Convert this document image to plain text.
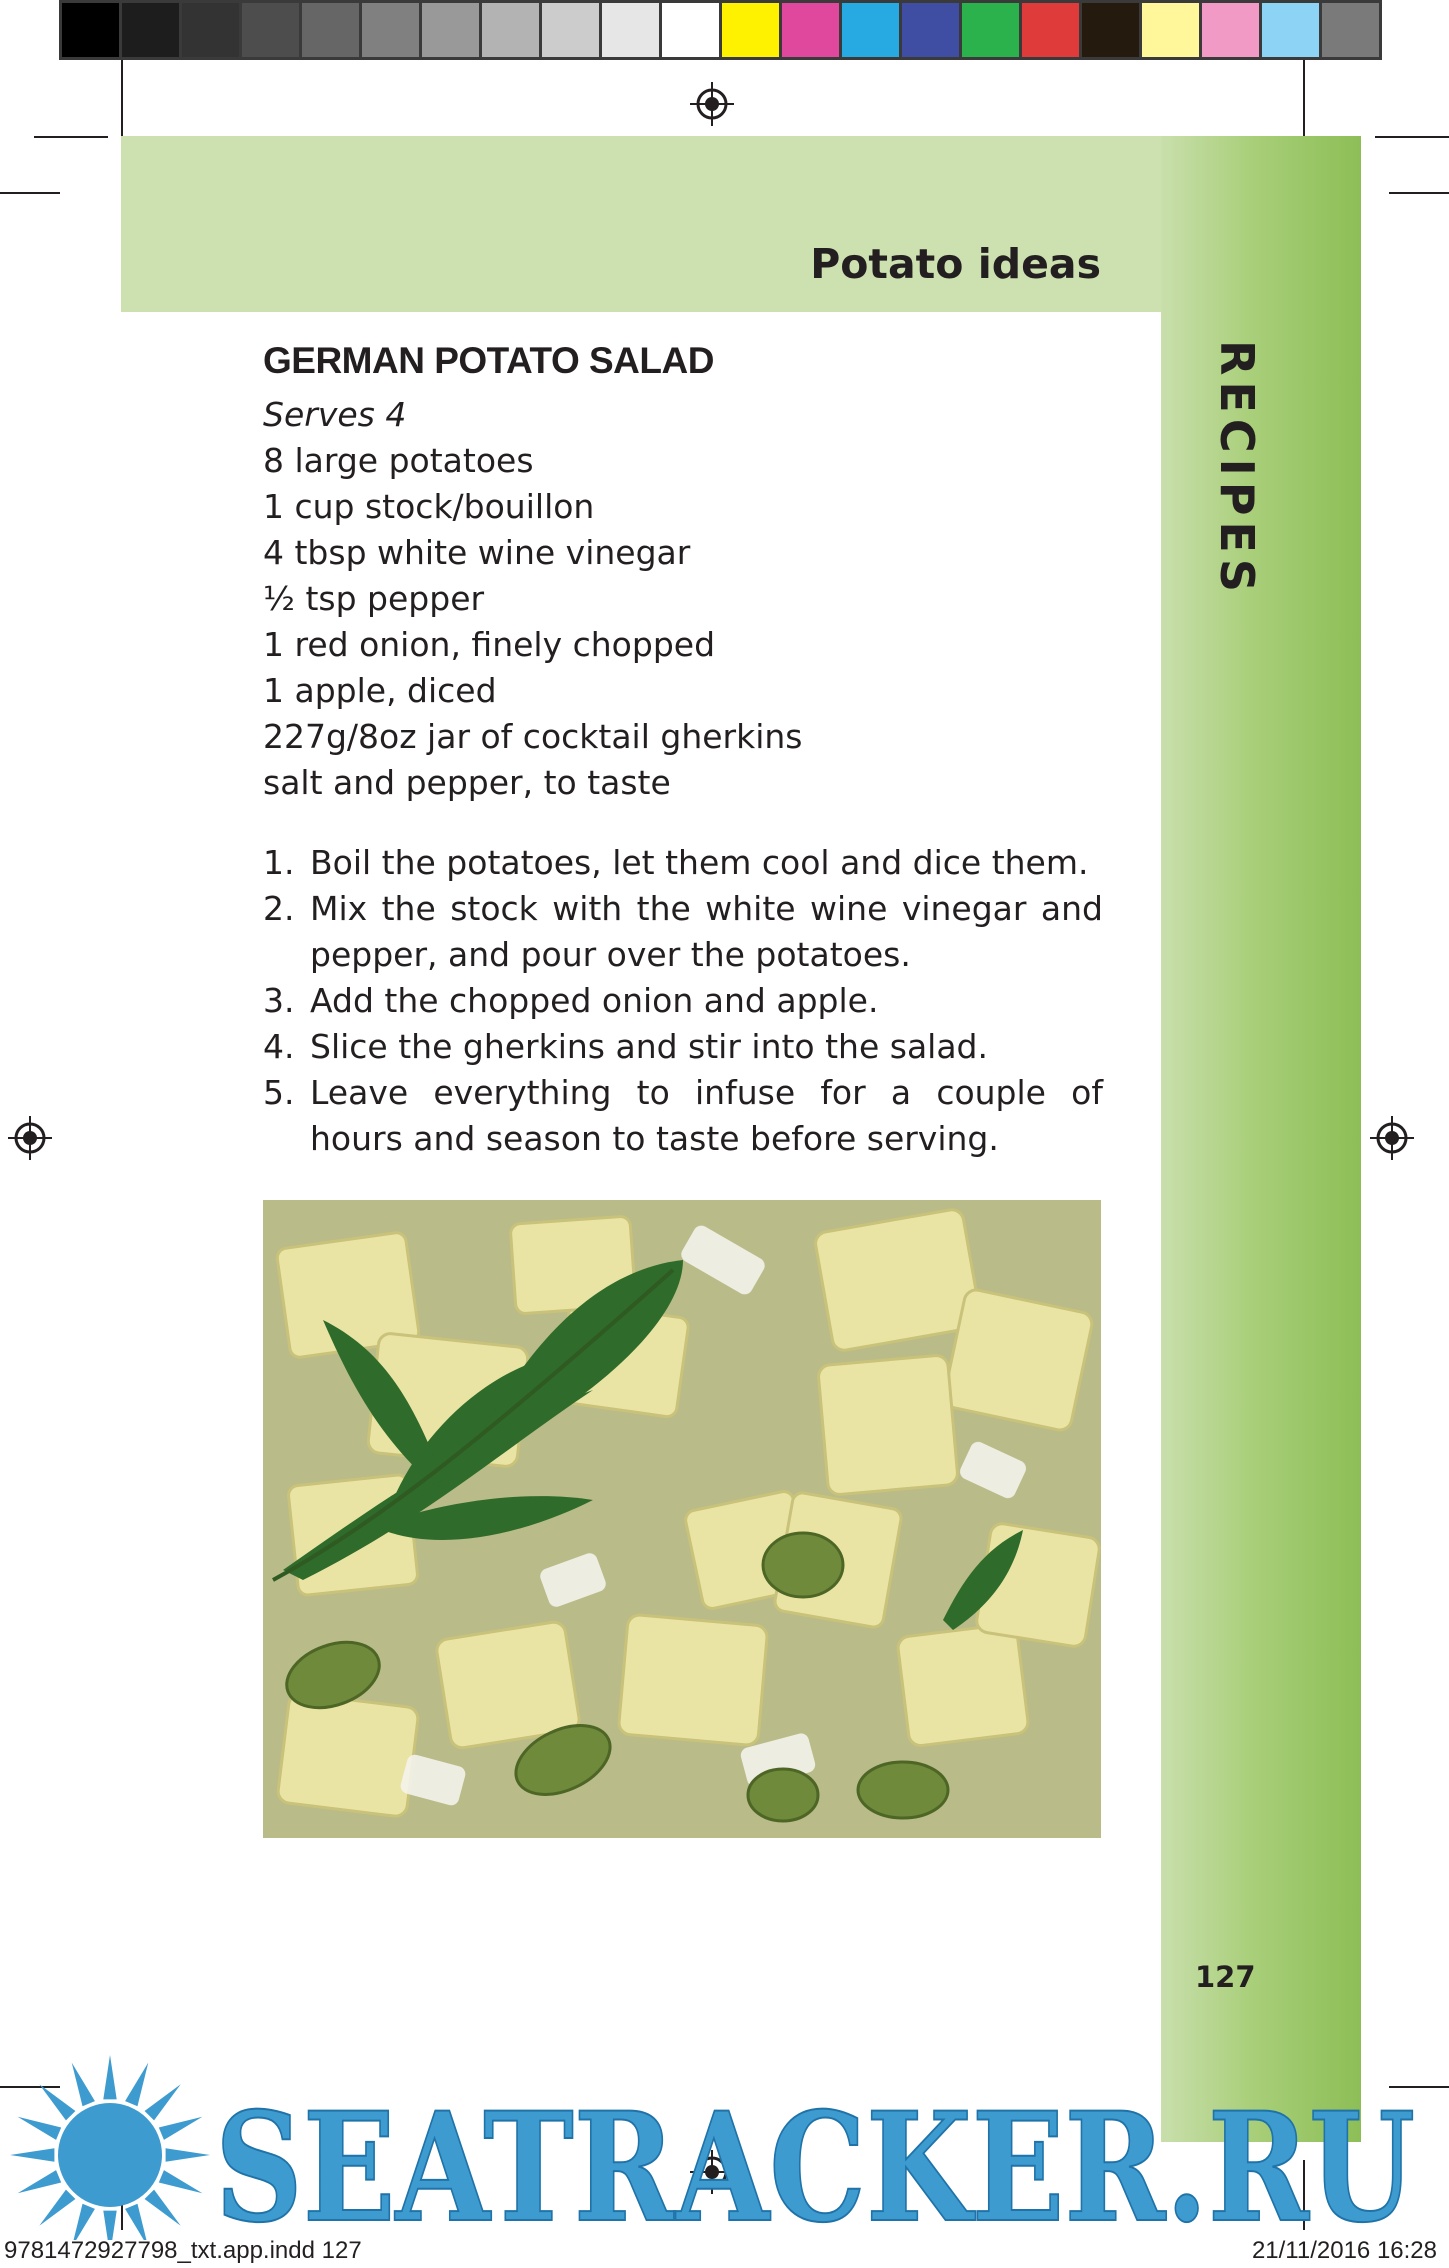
Potato ideas
RECIPES
GERMAN POTATO SALAD

Serves 4

8 large potatoes
1 cup stock/bouillon
4 tbsp white wine vinegar
½ tsp pepper
1 red onion, finely chopped
1 apple, diced
227g/8oz jar of cocktail gherkins
salt and pepper, to taste
1. Boil the potatoes, let them cool and dice them.
2. Mix the stock with the white wine vinegar and pepper, and pour over the potatoes.
3. Add the chopped onion and apple.
4. Slice the gherkins and stir into the salad.
5. Leave everything to infuse for a couple of hours and season to taste before serving.
127
SEATRACKER.RU
9781472927798_txt.app.indd 127	21/11/2016 16:28
